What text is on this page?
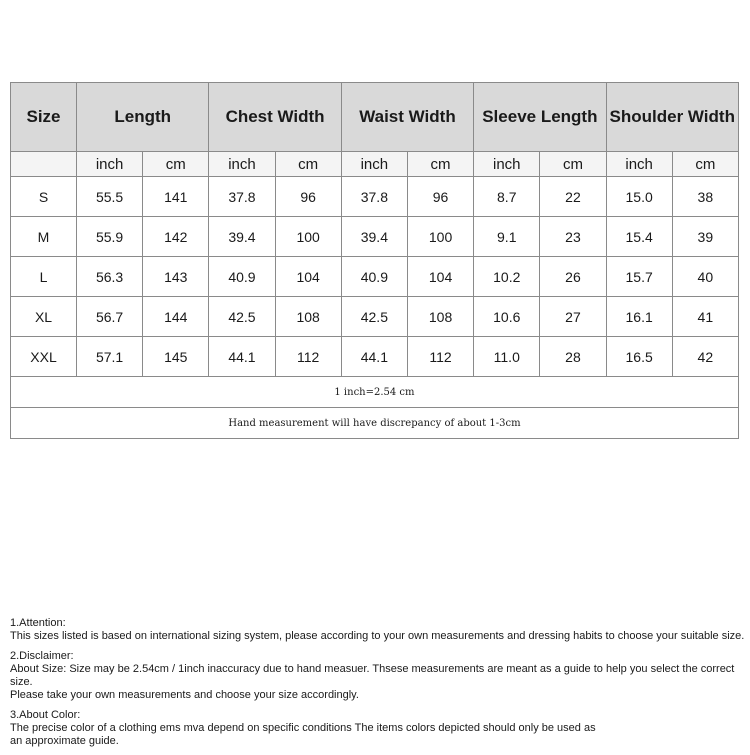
Size	Length		Chest Width		Waist Width		Sleeve Length		Shoulder Width	
	inch	cm	inch	cm	inch	cm	inch	cm	inch	cm
S	55.5	141	37.8	96	37.8	96	8.7	22	15.0	38
M	55.9	142	39.4	100	39.4	100	9.1	23	15.4	39
L	56.3	143	40.9	104	40.9	104	10.2	26	15.7	40
XL	56.7	144	42.5	108	42.5	108	10.6	27	16.1	41
XXL	57.1	145	44.1	112	44.1	112	11.0	28	16.5	42
1 inch=2.54 cm										
Hand measurement will have discrepancy of about 1-3cm										

1.Attention:

This sizes listed is based on international sizing system, please according to your own measurements and dressing habits to choose your suitable size.

2.Disclaimer:

About Size: Size may be 2.54cm / 1inch inaccuracy due to hand measuer. Thsese measurements are meant as a guide to help you select the correct size.

Please take your own measurements and choose your size accordingly.

3.About Color:

The precise color of a clothing ems mva depend on specific conditions The items colors depicted should only be used as

an approximate guide.
